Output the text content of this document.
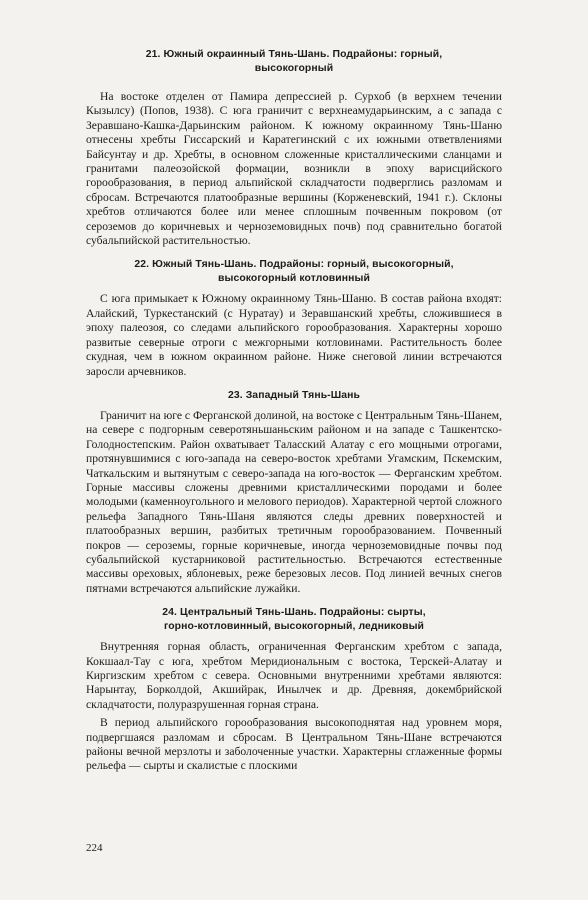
21. Южный окраинный Тянь-Шань. Подрайоны: горный,
высокогорный

На востоке отделен от Памира депрессией р. Сурхоб (в верхнем течении Кызылсу) (Попов, 1938). С юга граничит с верхнеамударьинским, а с запада с Зеравшано-Кашка-Дарьинским районом. К южному окраинному Тянь-Шаню отнесены хребты Гиссарский и Каратегинский с их южными ответвлениями Байсунтау и др. Хребты, в основном сложенные кристаллическими сланцами и гранитами палеозойской формации, возникли в эпоху варисцийского горообразования, в период альпийской складчатости подверглись разломам и сбросам. Встречаются платообразные вершины (Корженевский, 1941 г.). Склоны хребтов отличаются более или менее сплошным почвенным покровом (от сероземов до коричневых и черноземовидных почв) под сравнительно богатой субальпийской растительностью.

22. Южный Тянь-Шань. Подрайоны: горный, высокогорный,
высокогорный котловинный

С юга примыкает к Южному окраинному Тянь-Шаню. В состав района входят: Алайский, Туркестанский (с Нуратау) и Зеравшанский хребты, сложившиеся в эпоху палеозоя, со следами альпийского горообразования. Характерны хорошо развитые северные отроги с межгорными котловинами. Растительность более скудная, чем в южном окраинном районе. Ниже снеговой линии встречаются заросли арчевников.

23. Западный Тянь-Шань

Граничит на юге с Ферганской долиной, на востоке с Центральным Тянь-Шанем, на севере с подгорным северотяньшаньским районом и на западе с Ташкентско-Голодностепским. Район охватывает Таласский Алатау с его мощными отрогами, протянувшимися с юго-запада на северо-восток хребтами Угамским, Пскемским, Чаткальским и вытянутым с северо-запада на юго-восток — Ферганским хребтом. Горные массивы сложены древними кристаллическими породами и более молодыми (каменноугольного и мелового периодов). Характерной чертой сложного рельефа Западного Тянь-Шаня являются следы древних поверхностей и платообразных вершин, разбитых третичным горообразованием. Почвенный покров — сероземы, горные коричневые, иногда черноземовидные почвы под субальпийской кустарниковой растительностью. Встречаются естественные массивы ореховых, яблоневых, реже березовых лесов. Под линией вечных снегов пятнами встречаются альпийские лужайки.

24. Центральный Тянь-Шань. Подрайоны: сырты,
горно-котловинный, высокогорный, ледниковый

Внутренняя горная область, ограниченная Ферганским хребтом с запада, Кокшаал-Тау с юга, хребтом Меридиональным с востока, Терскей-Алатау и Киргизским хребтом с севера. Основными внутренними хребтами являются: Нарынтау, Борколдой, Акшийрак, Инылчек и др. Древняя, докембрийской складчатости, полуразрушенная горная страна.

В период альпийского горообразования высокоподнятая над уровнем моря, подвергшаяся разломам и сбросам. В Центральном Тянь-Шане встречаются районы вечной мерзлоты и заболоченные участки. Характерны сглаженные формы рельефа — сырты и скалистые с плоскими

224
